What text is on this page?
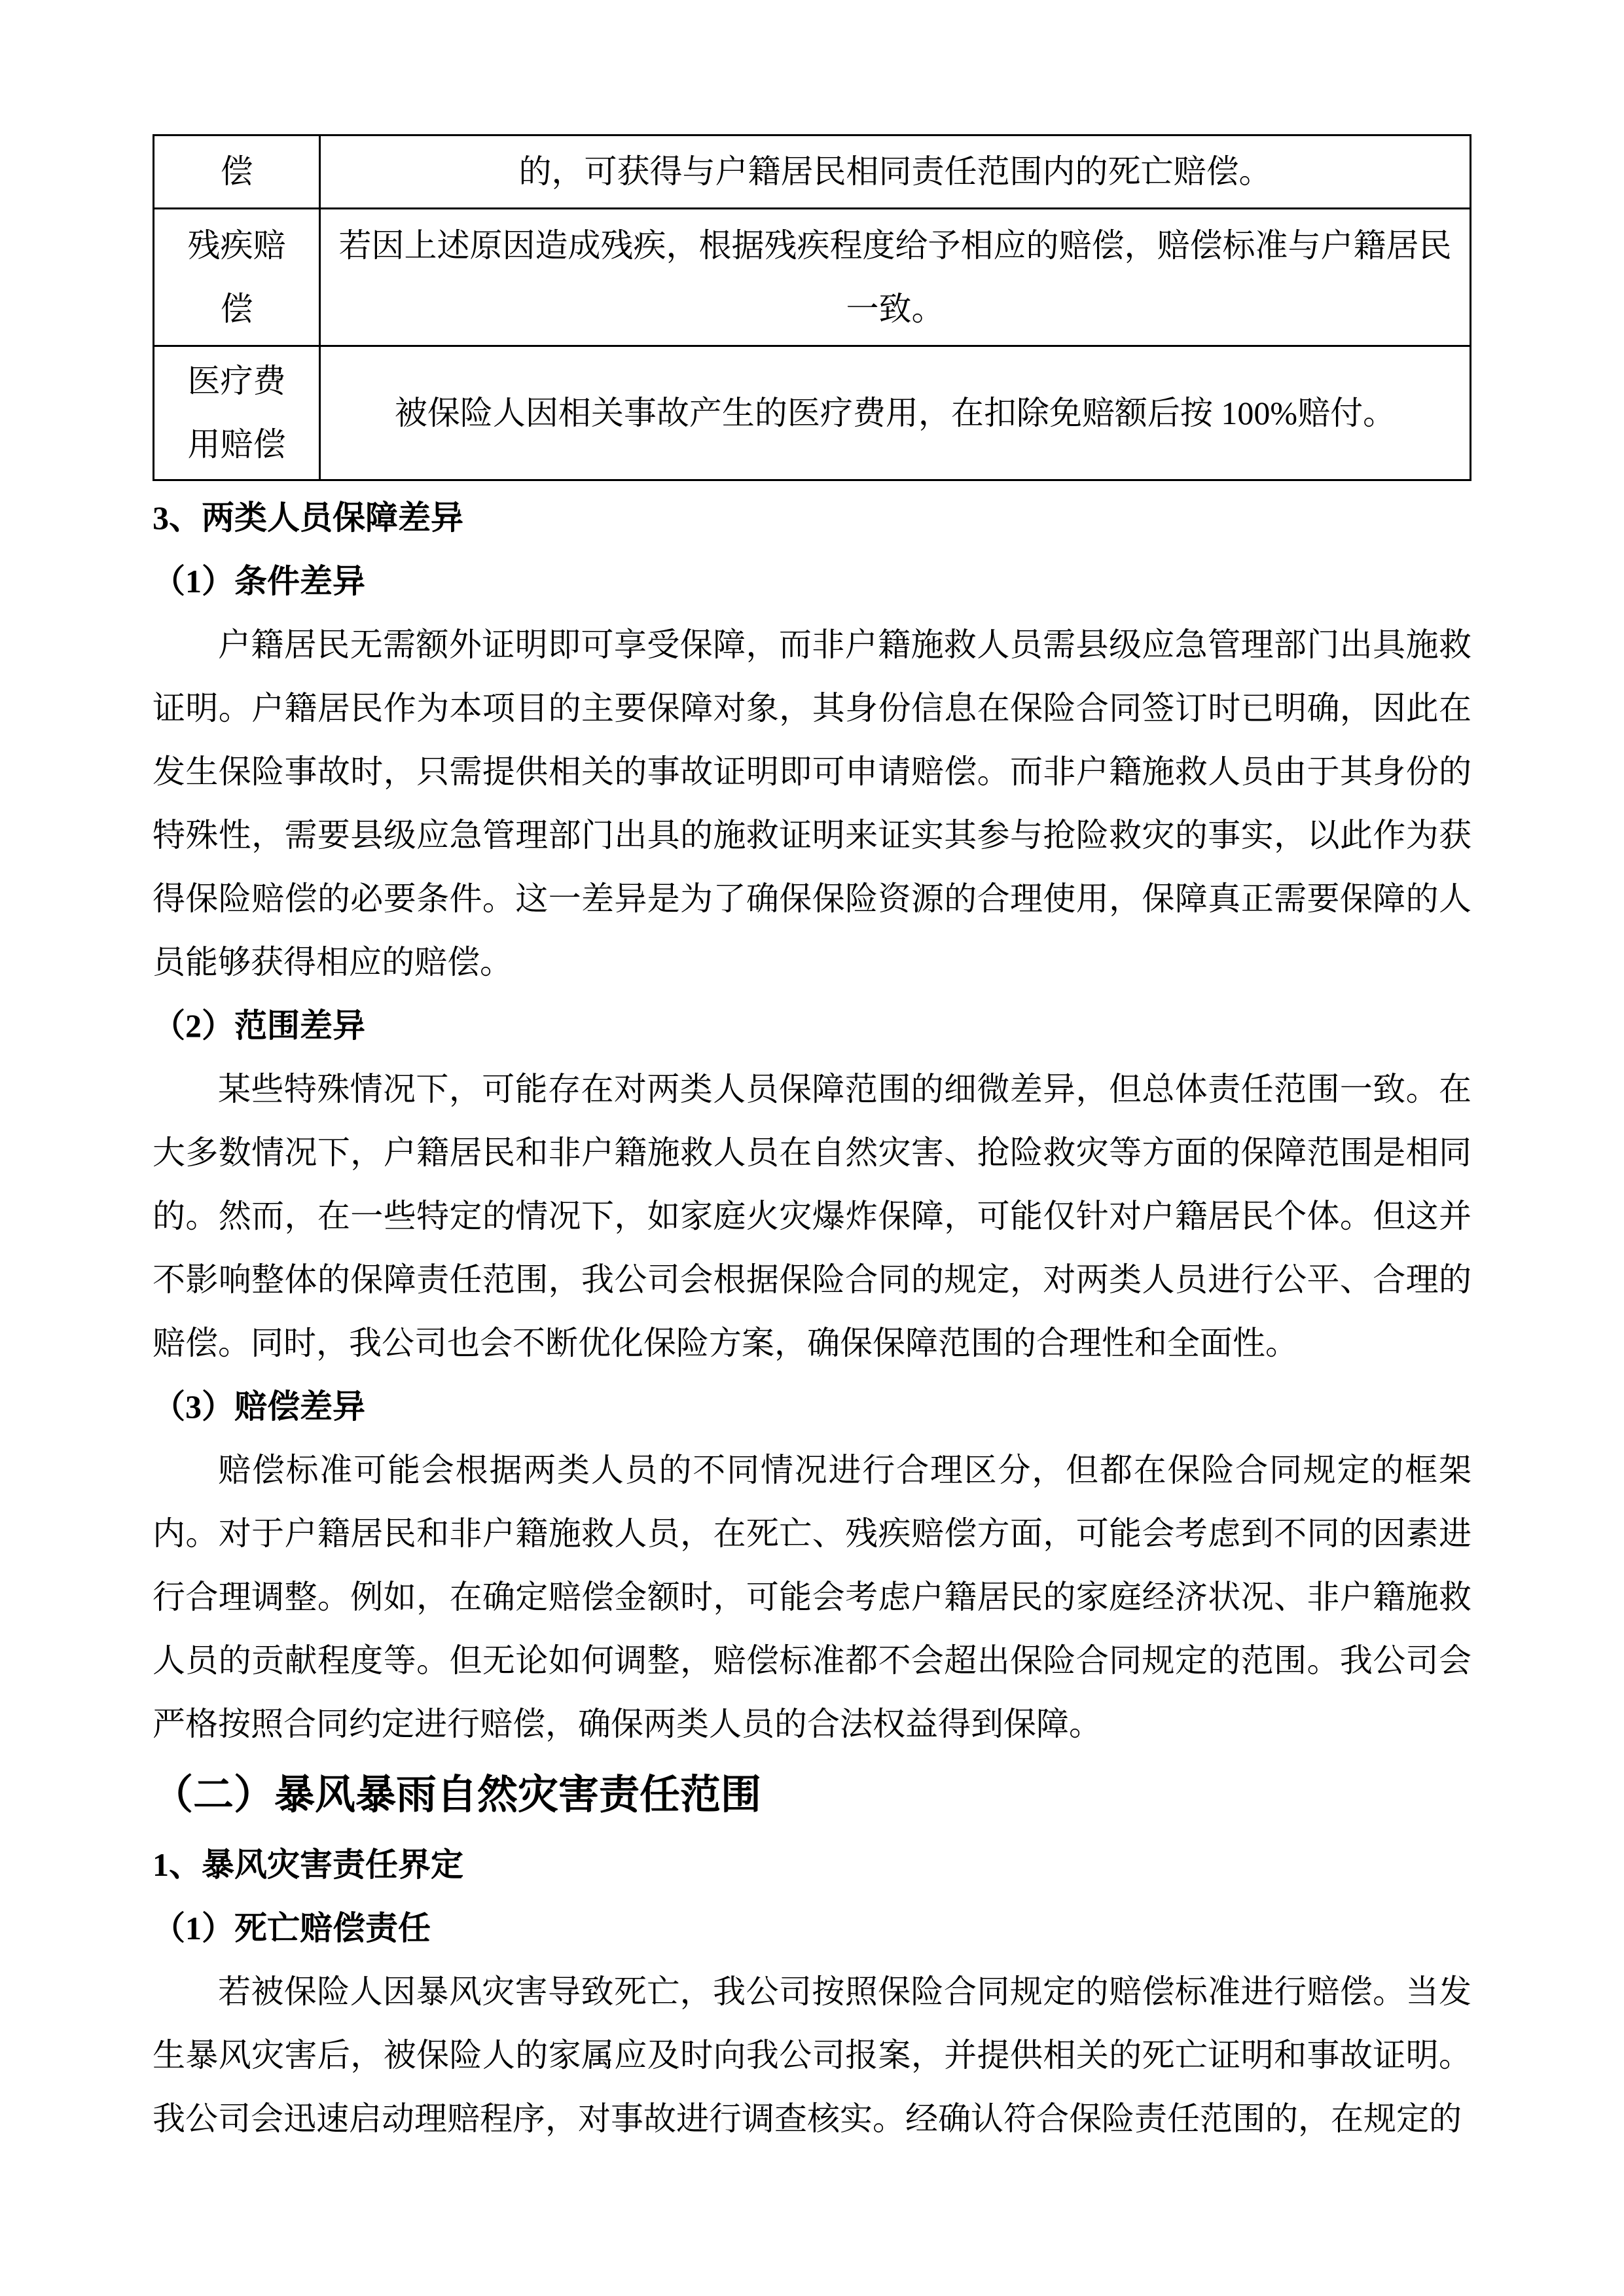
偿	的，可获得与户籍居民相同责任范围内的死亡赔偿。
残疾赔偿	若因上述原因造成残疾，根据残疾程度给予相应的赔偿，赔偿标准与户籍居民一致。
医疗费用赔偿	被保险人因相关事故产生的医疗费用，在扣除免赔额后按 100%赔付。

3、两类人员保障差异

（1）条件差异

户籍居民无需额外证明即可享受保障，而非户籍施救人员需县级应急管理部门出具施救证明。户籍居民作为本项目的主要保障对象，其身份信息在保险合同签订时已明确，因此在发生保险事故时，只需提供相关的事故证明即可申请赔偿。而非户籍施救人员由于其身份的特殊性，需要县级应急管理部门出具的施救证明来证实其参与抢险救灾的事实，以此作为获得保险赔偿的必要条件。这一差异是为了确保保险资源的合理使用，保障真正需要保障的人员能够获得相应的赔偿。

（2）范围差异

某些特殊情况下，可能存在对两类人员保障范围的细微差异，但总体责任范围一致。在大多数情况下，户籍居民和非户籍施救人员在自然灾害、抢险救灾等方面的保障范围是相同的。然而，在一些特定的情况下，如家庭火灾爆炸保障，可能仅针对户籍居民个体。但这并不影响整体的保障责任范围，我公司会根据保险合同的规定，对两类人员进行公平、合理的赔偿。同时，我公司也会不断优化保险方案，确保保障范围的合理性和全面性。

（3）赔偿差异

赔偿标准可能会根据两类人员的不同情况进行合理区分，但都在保险合同规定的框架内。对于户籍居民和非户籍施救人员，在死亡、残疾赔偿方面，可能会考虑到不同的因素进行合理调整。例如，在确定赔偿金额时，可能会考虑户籍居民的家庭经济状况、非户籍施救人员的贡献程度等。但无论如何调整，赔偿标准都不会超出保险合同规定的范围。我公司会严格按照合同约定进行赔偿，确保两类人员的合法权益得到保障。

（二）暴风暴雨自然灾害责任范围

1、暴风灾害责任界定

（1）死亡赔偿责任

若被保险人因暴风灾害导致死亡，我公司按照保险合同规定的赔偿标准进行赔偿。当发生暴风灾害后，被保险人的家属应及时向我公司报案，并提供相关的死亡证明和事故证明。我公司会迅速启动理赔程序，对事故进行调查核实。经确认符合保险责任范围的，在规定的
